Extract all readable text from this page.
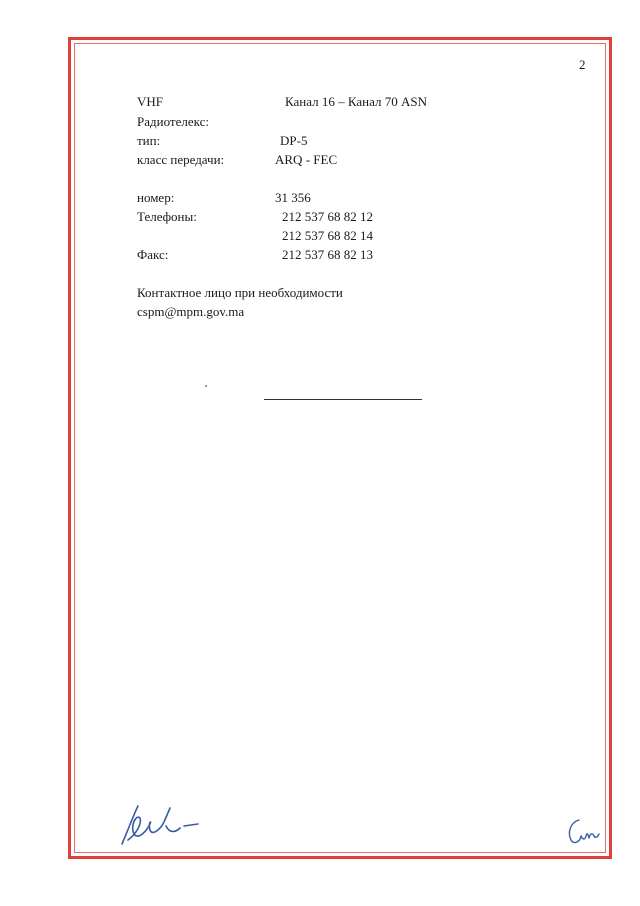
2
VHF	Канал 16 – Канал 70 ASN
Радиотелекс:
тип:	DP-5
класс передачи:	ARQ - FEC
номер:	31 356
Телефоны:	212 537 68 82 12
212 537 68 82 14
Факс:	212 537 68 82 13
Контактное лицо при необходимости
cspm@mpm.gov.ma
